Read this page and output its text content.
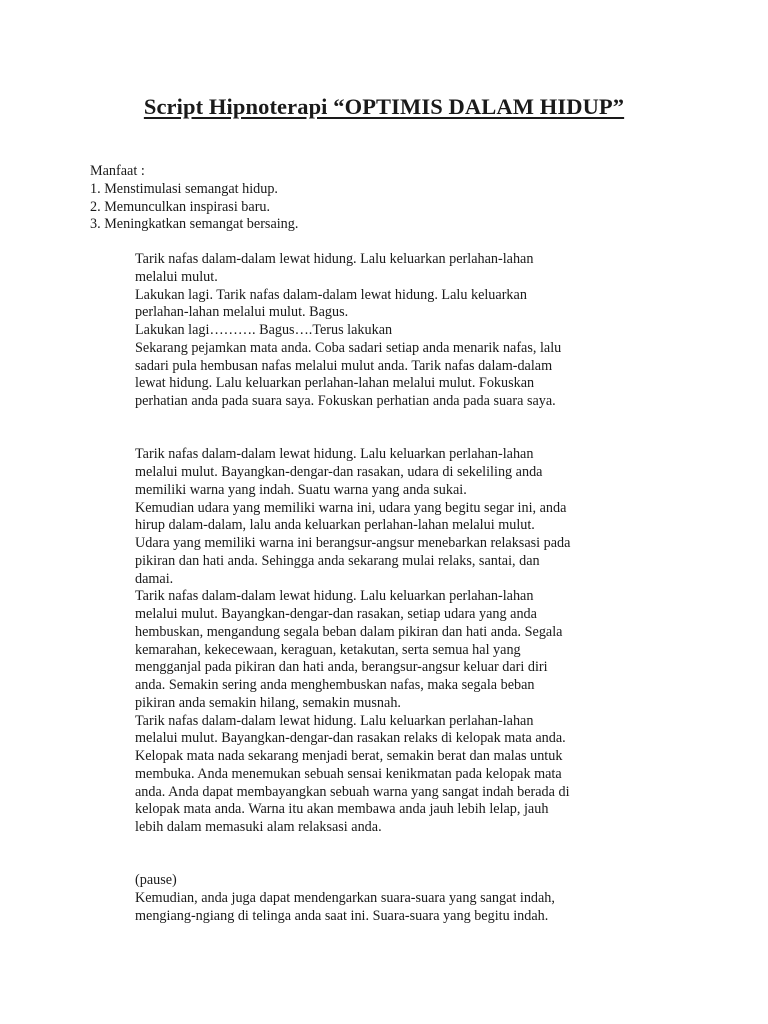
Script Hipnoterapi “OPTIMIS DALAM HIDUP”
Manfaat :
1. Menstimulasi semangat hidup.
2. Memunculkan inspirasi baru.
3. Meningkatkan semangat bersaing.
Tarik nafas dalam-dalam lewat hidung. Lalu keluarkan perlahan-lahan
melalui mulut.
Lakukan lagi. Tarik nafas dalam-dalam lewat hidung. Lalu keluarkan
perlahan-lahan melalui mulut. Bagus.
Lakukan lagi………. Bagus….Terus lakukan
Sekarang pejamkan mata anda. Coba sadari setiap anda menarik nafas, lalu
sadari pula hembusan nafas melalui mulut anda. Tarik nafas dalam-dalam
lewat hidung. Lalu keluarkan perlahan-lahan melalui mulut. Fokuskan
perhatian anda pada suara saya. Fokuskan perhatian anda pada suara saya.
Tarik nafas dalam-dalam lewat hidung. Lalu keluarkan perlahan-lahan
melalui mulut. Bayangkan-dengar-dan rasakan, udara di sekeliling anda
memiliki warna yang indah. Suatu warna yang anda sukai.
Kemudian udara yang memiliki warna ini, udara yang begitu segar ini, anda
hirup dalam-dalam, lalu anda keluarkan perlahan-lahan melalui mulut.
Udara yang memiliki warna ini berangsur-angsur menebarkan relaksasi pada
pikiran dan hati anda. Sehingga anda sekarang mulai relaks, santai, dan
damai.
Tarik nafas dalam-dalam lewat hidung. Lalu keluarkan perlahan-lahan
melalui mulut. Bayangkan-dengar-dan rasakan, setiap udara yang anda
hembuskan, mengandung segala beban dalam pikiran dan hati anda. Segala
kemarahan, kekecewaan, keraguan, ketakutan, serta semua hal yang
mengganjal pada pikiran dan hati anda, berangsur-angsur keluar dari diri
anda. Semakin sering anda menghembuskan nafas, maka segala beban
pikiran anda semakin hilang, semakin musnah.
Tarik nafas dalam-dalam lewat hidung. Lalu keluarkan perlahan-lahan
melalui mulut. Bayangkan-dengar-dan rasakan relaks di kelopak mata anda.
Kelopak mata nada sekarang menjadi berat, semakin berat dan malas untuk
membuka. Anda menemukan sebuah sensai kenikmatan pada kelopak mata
anda. Anda dapat membayangkan sebuah warna yang sangat indah berada di
kelopak mata anda. Warna itu akan membawa anda jauh lebih lelap, jauh
lebih dalam memasuki alam relaksasi anda.
(pause)
Kemudian, anda juga dapat mendengarkan suara-suara yang sangat indah,
mengiang-ngiang di telinga anda saat ini. Suara-suara yang begitu indah.
